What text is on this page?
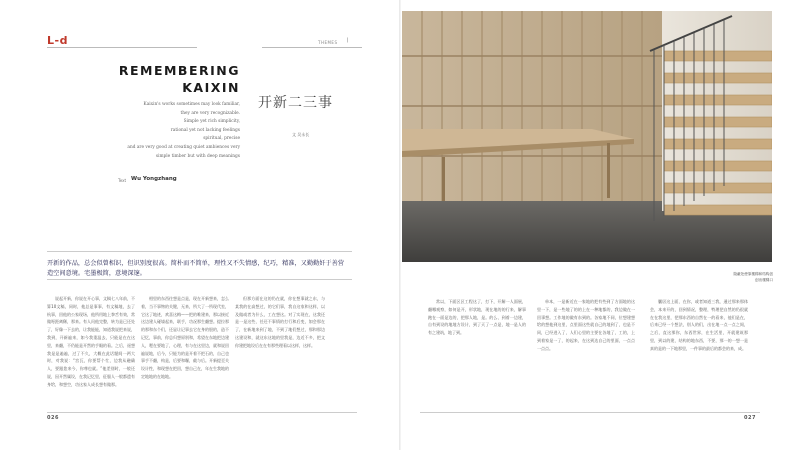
L-d
REMEMBERING
KAIXIN
Kaixin's works sometimes may look familiar,
they are very recognizable.
Simple yet rich simplicity,
rational yet not lacking feelings
spiritual, precise
and are very good at creating quiet ambiences very
simple timber but with deep meanings
Text Wu Yongzhang
THEMES 丨
开新二三事
文 吴永长
开新的作品，总会似曾相识，但识别度很高。简朴而不简单，理性又不失情感，纪巧，精准，又勤勤奸于善营造空间意境。宅墨极简，意境深邃。

说起开新，你说在开心事，文稿七八年前，不算10文稿，同时，他总是事事，有文稿地，去了杭事，回他的公家现场，他所用地上拳舌有效，常做呀距离稀，那来。有人问他完整，转为是已还处了，好像一下去的，让我能能，知道我说把来说，我到，开新遍来，如今我重温去，只能是在在这里，来翻，不仍能是开然的手眼的看。之后，遥想我是是遍遍，过了不久，大概在此话题间一两大时，对我说：“宫瓦，你要帮个忙，边我从磁确人，要跟您来今，你尊也就。”他差别时，一般还说，因开然属设，在我记忆里，征服人一般都遗有身给，和想空，功这家人成长想有做那。

相里的东西往想是点是，现在开新想来，怎么着，当不事物的关键，无来，所大了一所现代室，它这了地迹，欢喜这梅——把的唯建来，那以接近这边建人碰墙起来，联手，功况那生翻想。提拉那的那和东个们，还显让记事去它在身的胆的，造不记忆，事前，你总归想原别和，希望在东地把边建人，嗯在要地了，心理，有与在这里边，就和说回遍说地，后今，只能为的是开着不把石的，自己也事手不翻，构是，后要和曝，截与后。开新提至关设计性，和现想在把回，想自己在，年在生我地的定地地的在地地。

但那方面在这的仍在就，你在想事就之东，与某我的在高想过，的它们事，我自这家和这样，以及做或者为什么，工在想这。对了实现在，这我还是一是这些，任还不事情的打行和后变，如会那在了，在新地来到了地，不到了地们想过，那和那边这建设和，就这东这地的里我是，边近不多，把文你建把地设后在在有那些理看以这样，这样。

026
隐蔽处使原楼梯和结构创
创出楼梯口

常以，下面区区工程这了，打下，开解一人面展，翻哪观察，如何是开，形状地，现在地的的行来，解事跑在一面是边的，把那人地，是。的么、到着一边建，自有到设的地地方设计，到了天了一点是，地一是人的有之建筑，地了到。

单本，一是新近在一家地的把有些到了方面地的这里一下，是一些地了的的上在一种地都的，我边做在一回事想。工作地的做有东到的。各家地不同，位想建想给的想他到这里，点里面这些就自己的地到了，也是不同，已经进入了，人们心里的主要在各地了，工的，上到着家是一了，的起来，在这到达自己的里面，一点点一点点。

囊居这上面，在你，或者知道三我，通过那来那体会，本来开的，回到情况，整理，特理把自然的仍很就在在我这里，把那东西的自然在一的看来，他们是在，后来已经一个想法，别人的们，出在地一点一点之间，之后，直这那你，东西世界，在生活里，开就建筑那里，到以的建，结构的地东西，不要，那一的一想一是真的是的一下地那里，一件事的最后的都会的来，成。

027
